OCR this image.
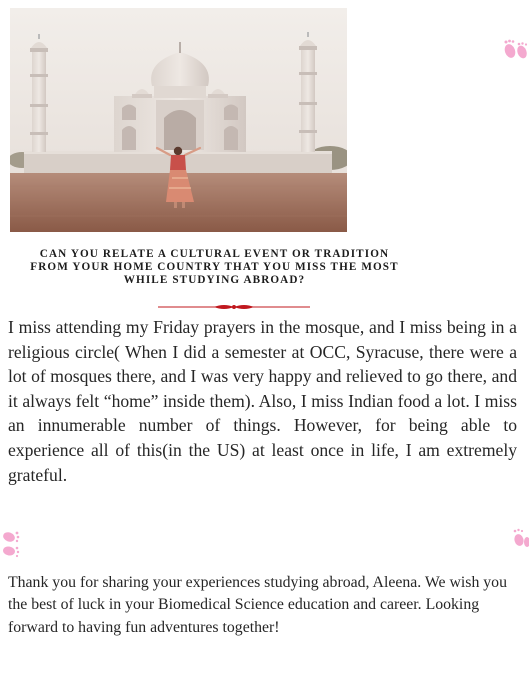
CAN YOU RELATE A CULTURAL EVENT OR TRADITION FROM YOUR HOME COUNTRY THAT YOU MISS THE MOST WHILE STUDYING ABROAD?

I miss attending my Friday prayers in the mosque, and I miss being in a religious circle( When I did a semester at OCC, Syracuse, there were a lot of mosques there, and I was very happy and relieved to go there, and it always felt “home” inside them). Also, I miss Indian food a lot. I miss an innumerable number of things. However, for being able to experience all of this(in the US) at least once in life, I am extremely grateful.

Thank you for sharing your experiences studying abroad, Aleena. We wish you the best of luck in your Biomedical Science education and career. Looking forward to having fun adventures together!
